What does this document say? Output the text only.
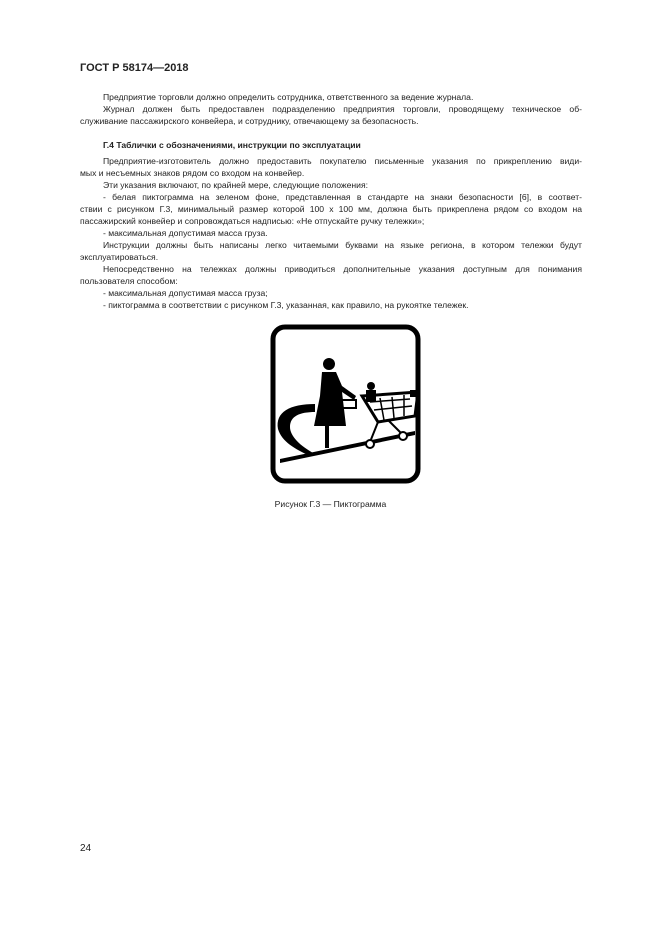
ГОСТ Р 58174—2018
Предприятие торговли должно определить сотрудника, ответственного за ведение журнала.
Журнал должен быть предоставлен подразделению предприятия торговли, проводящему техническое об-
служивание пассажирского конвейера, и сотруднику, отвечающему за безопасность.
Г.4 Таблички с обозначениями, инструкции по эксплуатации
Предприятие-изготовитель должно предоставить покупателю письменные указания по прикреплению види-
мых и несъемных знаков рядом со входом на конвейер.
Эти указания включают, по крайней мере, следующие положения:
- белая пиктограмма на зеленом фоне, представленная в стандарте на знаки безопасности [6], в соответ-
ствии с рисунком Г.3, минимальный размер которой 100 х 100 мм, должна быть прикреплена рядом со входом на
пассажирский конвейер и сопровождаться надписью: «Не отпускайте ручку тележки»;
- максимальная допустимая масса груза.
Инструкции должны быть написаны легко читаемыми буквами на языке региона, в котором тележки будут
эксплуатироваться.
Непосредственно на тележках должны приводиться дополнительные указания доступным для понимания
пользователя способом:
- максимальная допустимая масса груза;
- пиктограмма в соответствии с рисунком Г.3, указанная, как правило, на рукоятке тележек.
Рисунок Г.3 — Пиктограмма
24
